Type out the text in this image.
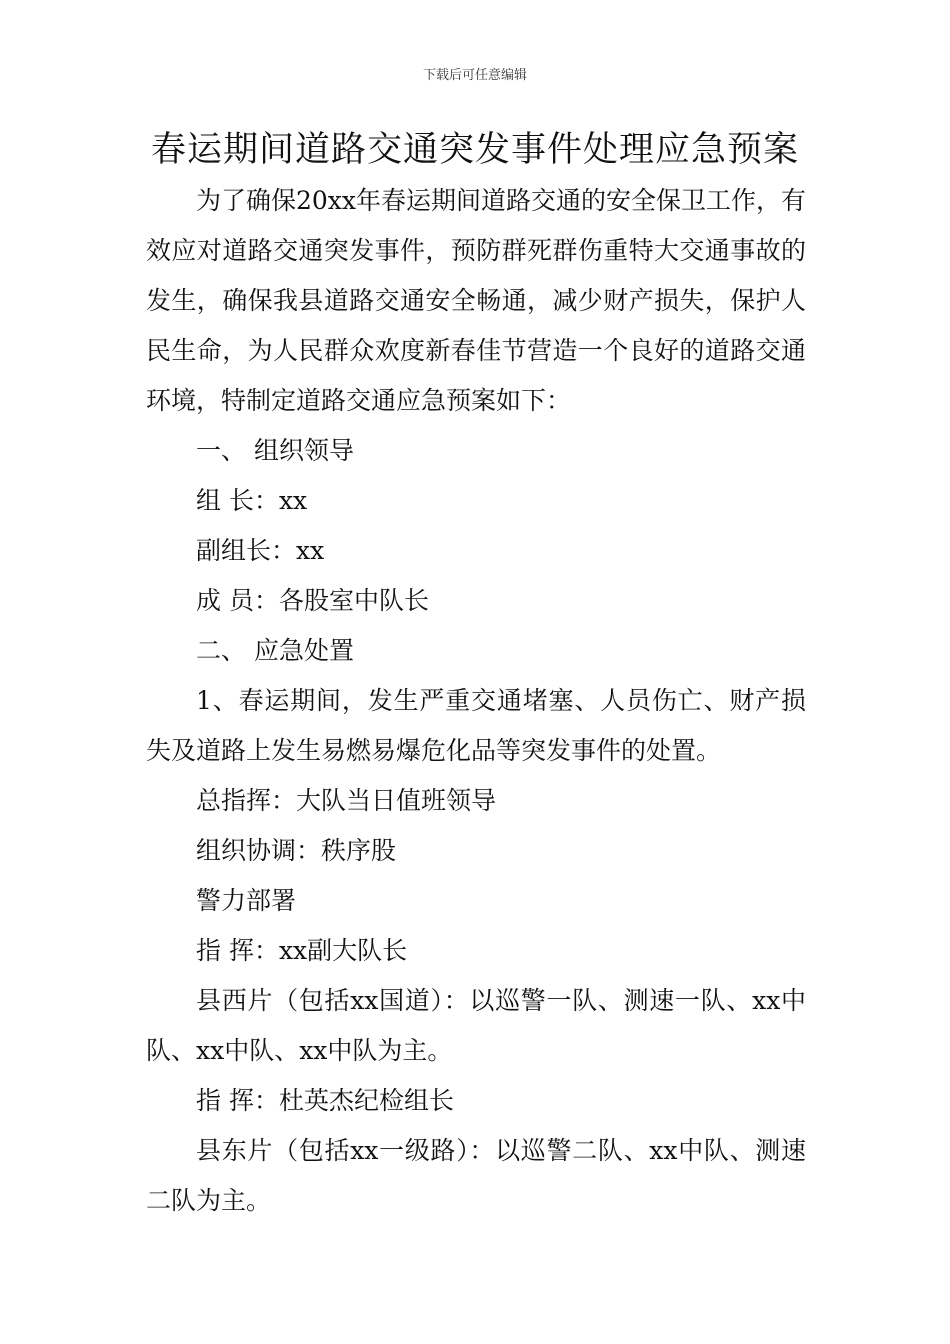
下载后可任意编辑
春运期间道路交通突发事件处理应急预案

为了确保20xx年春运期间道路交通的安全保卫工作，有效应对道路交通突发事件，预防群死群伤重特大交通事故的发生，确保我县道路交通安全畅通，减少财产损失，保护人民生命，为人民群众欢度新春佳节营造一个良好的道路交通环境，特制定道路交通应急预案如下：

一、 组织领导

组 长：xx

副组长：xx

成 员：各股室中队长

二、 应急处置

1、春运期间，发生严重交通堵塞、人员伤亡、财产损失及道路上发生易燃易爆危化品等突发事件的处置。

总指挥：大队当日值班领导

组织协调：秩序股

警力部署

指 挥：xx副大队长

县西片（包括xx国道）：以巡警一队、测速一队、xx中队、xx中队、xx中队为主。

指 挥：杜英杰纪检组长

县东片（包括xx一级路）：以巡警二队、xx中队、测速二队为主。
